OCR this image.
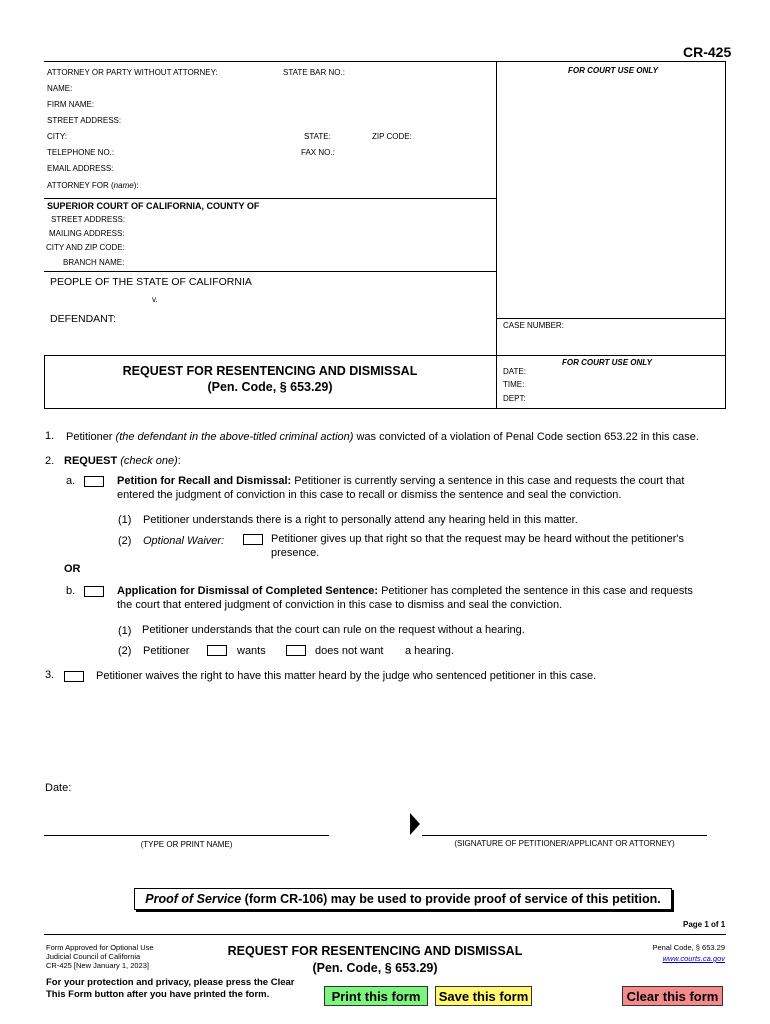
CR-425
ATTORNEY OR PARTY WITHOUT ATTORNEY:	STATE BAR NO.:
NAME:
FIRM NAME:
STREET ADDRESS:
CITY:	STATE:	ZIP CODE:
TELEPHONE NO.:	FAX NO.:
EMAIL ADDRESS:
ATTORNEY FOR (name):
FOR COURT USE ONLY
SUPERIOR COURT OF CALIFORNIA, COUNTY OF
STREET ADDRESS:
MAILING ADDRESS:
CITY AND ZIP CODE:
BRANCH NAME:
PEOPLE OF THE STATE OF CALIFORNIA
v.
DEFENDANT:
CASE NUMBER:
REQUEST FOR RESENTENCING AND DISMISSAL
(Pen. Code, § 653.29)
FOR COURT USE ONLY
DATE:
TIME:
DEPT:
1. Petitioner (the defendant in the above-titled criminal action) was convicted of a violation of Penal Code section 653.22 in this case.
2. REQUEST (check one):
a.	Petition for Recall and Dismissal: Petitioner is currently serving a sentence in this case and requests the court that
entered the judgment of conviction in this case to recall or dismiss the sentence and seal the conviction.
(1) Petitioner understands there is a right to personally attend any hearing held in this matter.
(2) Optional Waiver:	Petitioner gives up that right so that the request may be heard without the petitioner's
presence.
OR
b.	Application for Dismissal of Completed Sentence: Petitioner has completed the sentence in this case and requests
the court that entered judgment of conviction in this case to dismiss and seal the conviction.
(1) Petitioner understands that the court can rule on the request without a hearing.
(2) Petitioner	wants	does not want a hearing.
3.	Petitioner waives the right to have this matter heard by the judge who sentenced petitioner in this case.
Date:
(TYPE OR PRINT NAME)	(SIGNATURE OF PETITIONER/APPLICANT OR ATTORNEY)
Proof of Service (form CR-106) may be used to provide proof of service of this petition.
Page 1 of 1
Form Approved for Optional Use
Judicial Council of California
CR-425 [New January 1, 2023]
REQUEST FOR RESENTENCING AND DISMISSAL
(Pen. Code, § 653.29)
Penal Code, § 653.29
www.courts.ca.gov
For your protection and privacy, please press the Clear
This Form button after you have printed the form.	Print this form	Save this form	Clear this form
